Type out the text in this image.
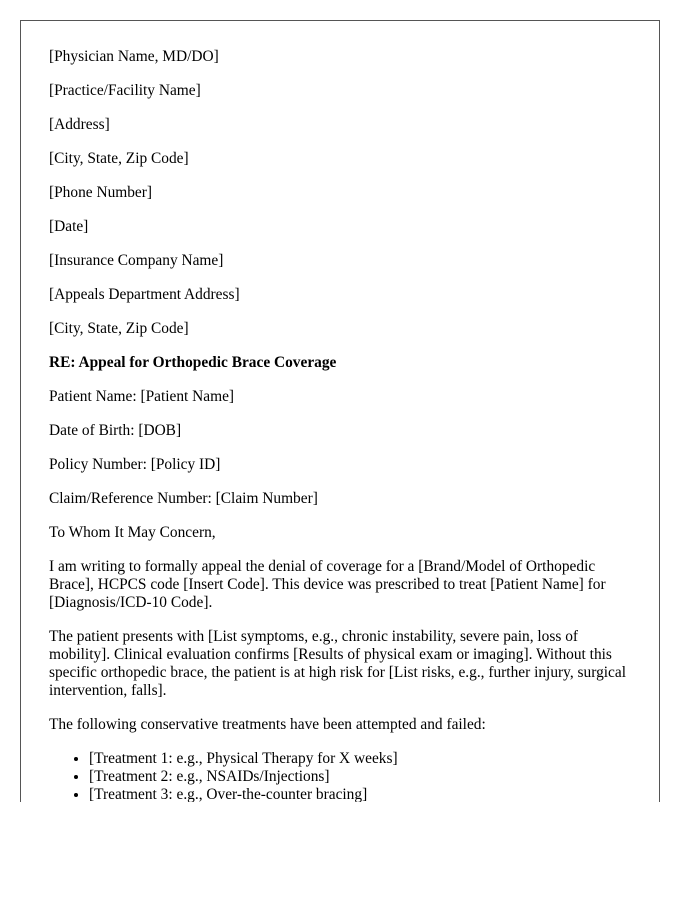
[Physician Name, MD/DO]
[Practice/Facility Name]
[Address]
[City, State, Zip Code]
[Phone Number]
[Date]
[Insurance Company Name]
[Appeals Department Address]
[City, State, Zip Code]
RE: Appeal for Orthopedic Brace Coverage
Patient Name: [Patient Name]
Date of Birth: [DOB]
Policy Number: [Policy ID]
Claim/Reference Number: [Claim Number]
To Whom It May Concern,
I am writing to formally appeal the denial of coverage for a [Brand/Model of Orthopedic Brace], HCPCS code [Insert Code]. This device was prescribed to treat [Patient Name] for [Diagnosis/ICD-10 Code].
The patient presents with [List symptoms, e.g., chronic instability, severe pain, loss of mobility]. Clinical evaluation confirms [Results of physical exam or imaging]. Without this specific orthopedic brace, the patient is at high risk for [List risks, e.g., further injury, surgical intervention, falls].
The following conservative treatments have been attempted and failed:
• [Treatment 1: e.g., Physical Therapy for X weeks]
• [Treatment 2: e.g., NSAIDs/Injections]
• [Treatment 3: e.g., Over-the-counter bracing]
